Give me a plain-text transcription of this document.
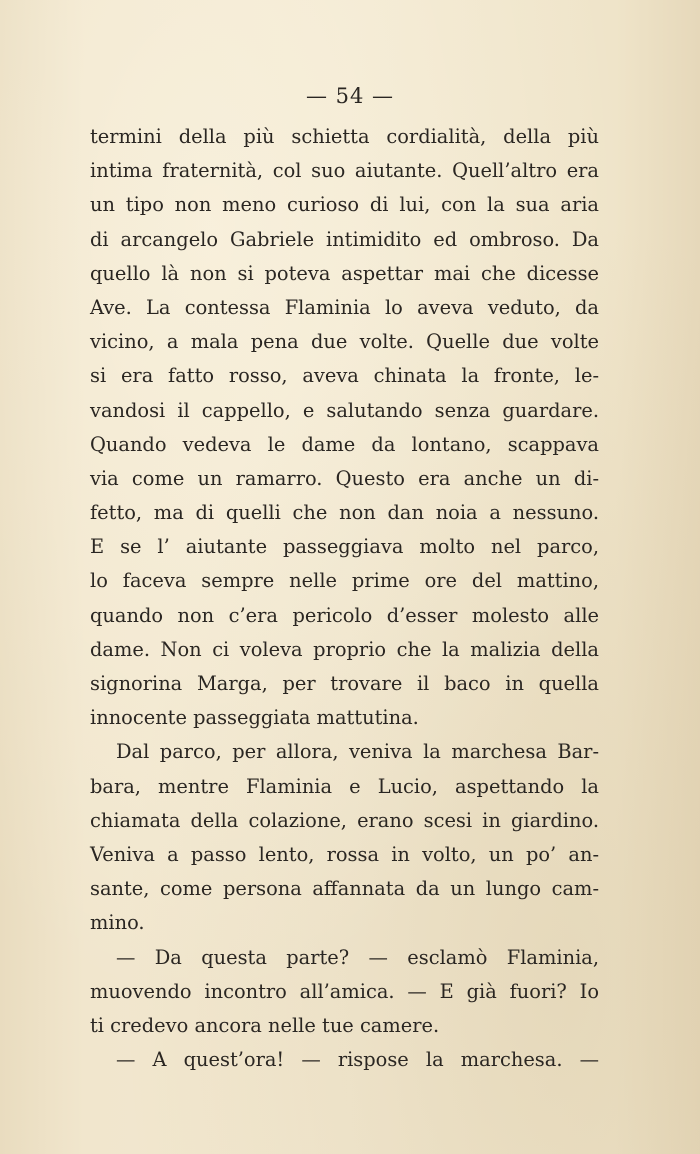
— 54 —
termini della più schietta cordialità, della più
intima fraternità, col suo aiutante. Quell’altro era
un tipo non meno curioso di lui, con la sua aria
di arcangelo Gabriele intimidito ed ombroso. Da
quello là non si poteva aspettar mai che dicesse
Ave. La contessa Flaminia lo aveva veduto, da
vicino, a mala pena due volte. Quelle due volte
si era fatto rosso, aveva chinata la fronte, le-
vandosi il cappello, e salutando senza guardare.
Quando vedeva le dame da lontano, scappava
via come un ramarro. Questo era anche un di-
fetto, ma di quelli che non dan noia a nessuno.
E se l’ aiutante passeggiava molto nel parco,
lo faceva sempre nelle prime ore del mattino,
quando non c’era pericolo d’esser molesto alle
dame. Non ci voleva proprio che la malizia della
signorina Marga, per trovare il baco in quella
innocente passeggiata mattutina.
Dal parco, per allora, veniva la marchesa Bar-
bara, mentre Flaminia e Lucio, aspettando la
chiamata della colazione, erano scesi in giardino.
Veniva a passo lento, rossa in volto, un po’ an-
sante, come persona affannata da un lungo cam-
mino.
— Da questa parte? — esclamò Flaminia,
muovendo incontro all’amica. — E già fuori? Io
ti credevo ancora nelle tue camere.
— A quest’ora! — rispose la marchesa. —
